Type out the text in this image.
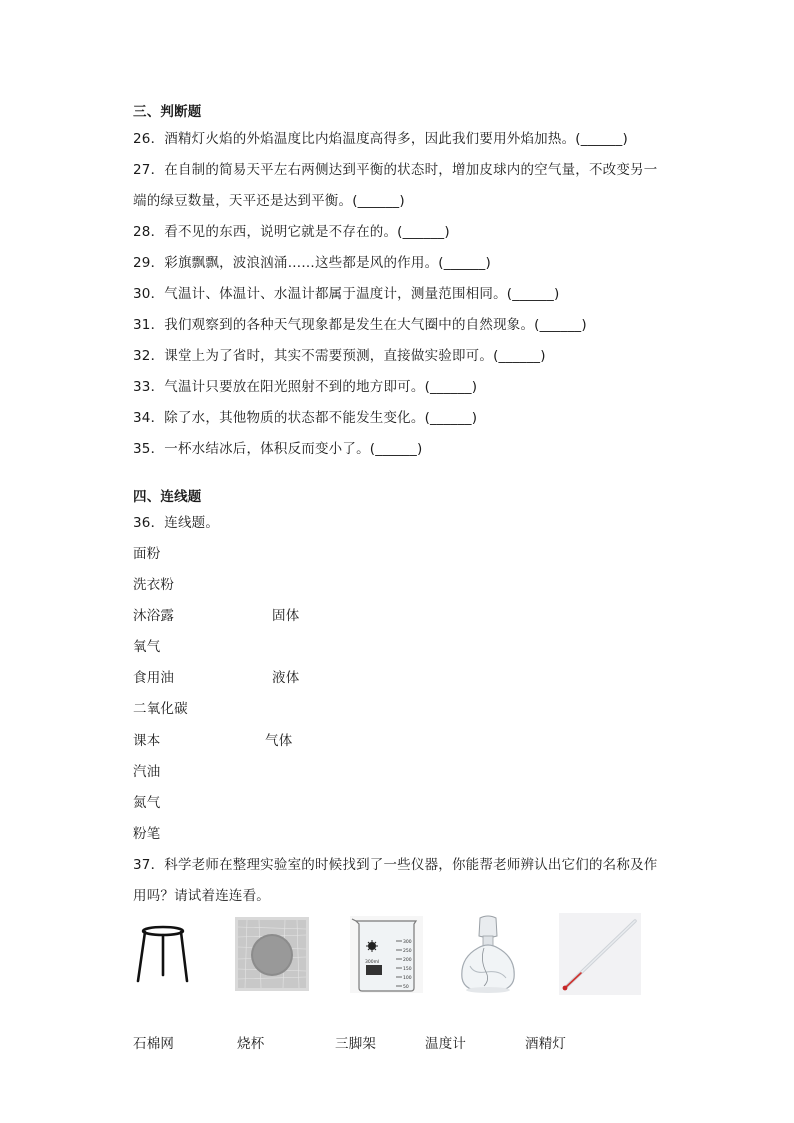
三、判断题
26．酒精灯火焰的外焰温度比内焰温度高得多，因此我们要用外焰加热。(______)
27．在自制的简易天平左右两侧达到平衡的状态时，增加皮球内的空气量，不改变另一
端的绿豆数量，天平还是达到平衡。(______)
28．看不见的东西，说明它就是不存在的。(______)
29．彩旗飘飘，波浪汹涌……这些都是风的作用。(______)
30．气温计、体温计、水温计都属于温度计，测量范围相同。(______)
31．我们观察到的各种天气现象都是发生在大气圈中的自然现象。(______)
32．课堂上为了省时，其实不需要预测，直接做实验即可。(______)
33．气温计只要放在阳光照射不到的地方即可。(______)
34．除了水，其他物质的状态都不能发生变化。(______)
35．一杯水结冰后，体积反而变小了。(______)
四、连线题
36．连线题。
面粉
洗衣粉
沐浴露	固体
氧气
食用油	液体
二氧化碳
课本	气体
汽油
氮气
粉笔
37．科学老师在整理实验室的时候找到了一些仪器，你能帮老师辨认出它们的名称及作
用吗？请试着连连看。
300
250
200
150
100
50
300ml
石棉网	烧杯	三脚架	温度计	酒精灯
